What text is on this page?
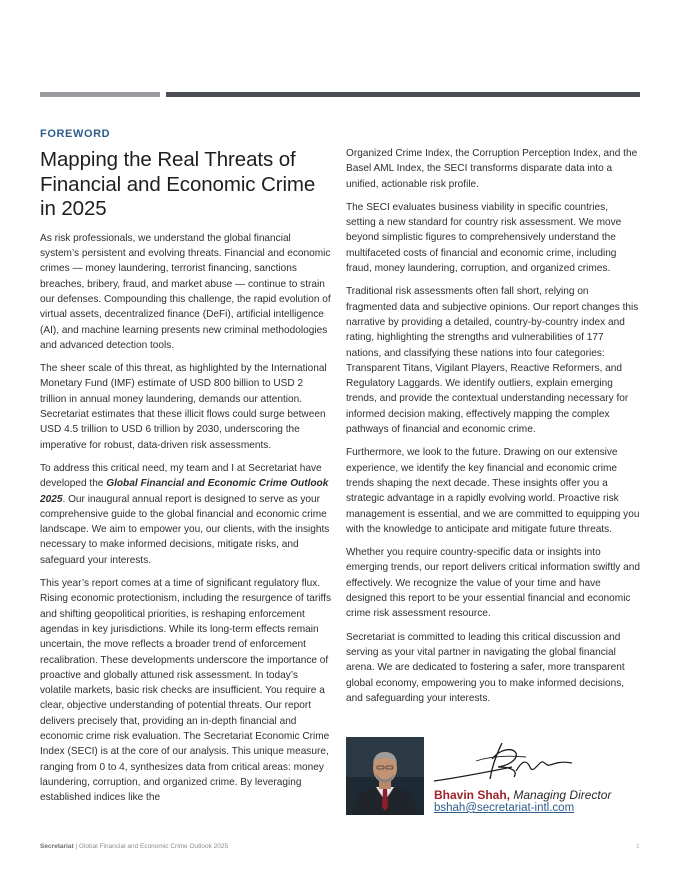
FOREWORD
Mapping the Real Threats of Financial and Economic Crime in 2025

As risk professionals, we understand the global financial system’s persistent and evolving threats. Financial and economic crimes — money laundering, terrorist financing, sanctions breaches, bribery, fraud, and market abuse — continue to strain our defenses. Compounding this challenge, the rapid evolution of virtual assets, decentralized finance (DeFi), artificial intelligence (AI), and machine learning presents new criminal methodologies and advanced detection tools.

The sheer scale of this threat, as highlighted by the International Monetary Fund (IMF) estimate of USD 800 billion to USD 2 trillion in annual money laundering, demands our attention. Secretariat estimates that these illicit flows could surge between USD 4.5 trillion to USD 6 trillion by 2030, underscoring the imperative for robust, data-driven risk assessments.

To address this critical need, my team and I at Secretariat have developed the Global Financial and Economic Crime Outlook 2025. Our inaugural annual report is designed to serve as your comprehensive guide to the global financial and economic crime landscape. We aim to empower you, our clients, with the insights necessary to make informed decisions, mitigate risks, and safeguard your interests.

This year’s report comes at a time of significant regulatory flux. Rising economic protectionism, including the resurgence of tariffs and shifting geopolitical priorities, is reshaping enforcement agendas in key jurisdictions. While its long-term effects remain uncertain, the move reflects a broader trend of enforcement recalibration. These developments underscore the importance of proactive and globally attuned risk assessment. In today’s volatile markets, basic risk checks are insufficient. You require a clear, objective understanding of potential threats. Our report delivers precisely that, providing an in-depth financial and economic crime risk evaluation. The Secretariat Economic Crime Index (SECI) is at the core of our analysis. This unique measure, ranging from 0 to 4, synthesizes data from critical areas: money laundering, corruption, and organized crime. By leveraging established indices like the

Organized Crime Index, the Corruption Perception Index, and the Basel AML Index, the SECI transforms disparate data into a unified, actionable risk profile.

The SECI evaluates business viability in specific countries, setting a new standard for country risk assessment. We move beyond simplistic figures to comprehensively understand the multifaceted costs of financial and economic crime, including fraud, money laundering, corruption, and organized crimes.

Traditional risk assessments often fall short, relying on fragmented data and subjective opinions. Our report changes this narrative by providing a detailed, country-by-country index and rating, highlighting the strengths and vulnerabilities of 177 nations, and classifying these nations into four categories: Transparent Titans, Vigilant Players, Reactive Reformers, and Regulatory Laggards. We identify outliers, explain emerging trends, and provide the contextual understanding necessary for informed decision making, effectively mapping the complex pathways of financial and economic crime.

Furthermore, we look to the future. Drawing on our extensive experience, we identify the key financial and economic crime trends shaping the next decade. These insights offer you a strategic advantage in a rapidly evolving world. Proactive risk management is essential, and we are committed to equipping you with the knowledge to anticipate and mitigate future threats.

Whether you require country-specific data or insights into emerging trends, our report delivers critical information swiftly and effectively. We recognize the value of your time and have designed this report to be your essential financial and economic crime risk assessment resource.

Secretariat is committed to leading this critical discussion and serving as your vital partner in navigating the global financial arena. We are dedicated to fostering a safer, more transparent global economy, empowering you to make informed decisions, and safeguarding your interests.

Bhavin Shah, Managing Director
bshah@secretariat-intl.com
Secretariat | Global Financial and Economic Crime Outlook 2025	1
